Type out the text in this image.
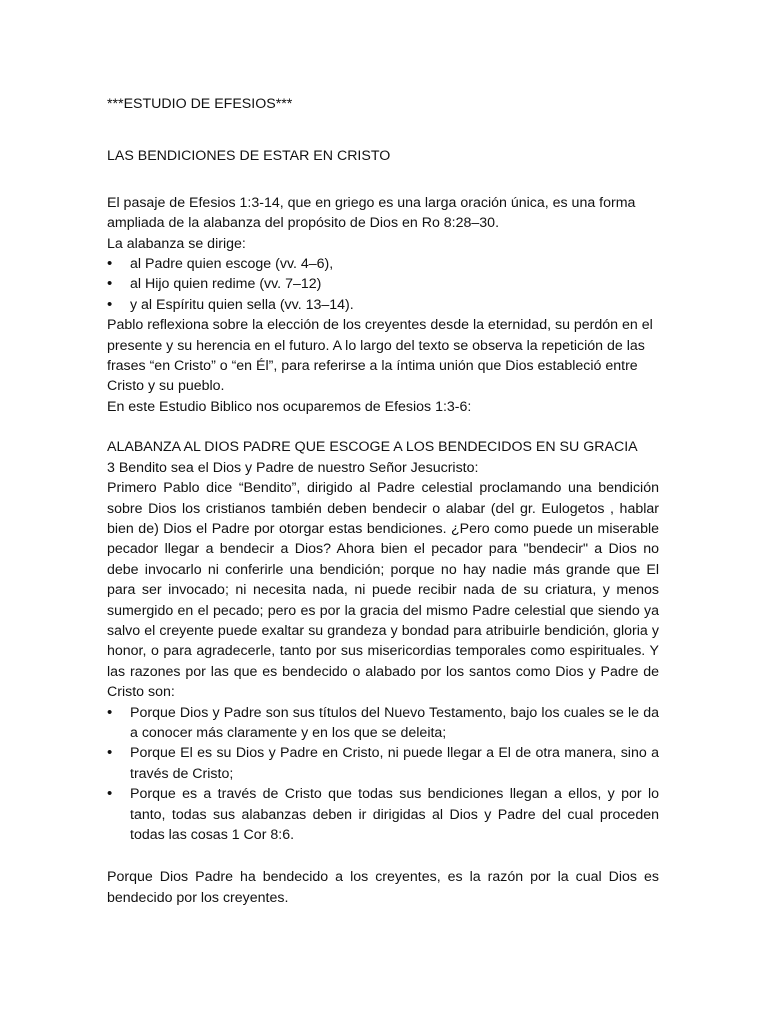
***ESTUDIO DE EFESIOS***

LAS BENDICIONES DE ESTAR EN CRISTO

El pasaje de Efesios 1:3-14, que en griego es una larga oración única, es una forma ampliada de la alabanza del propósito de Dios en Ro 8:28–30.

La alabanza se dirige:

• al Padre quien escoge (vv. 4–6),
• al Hijo quien redime (vv. 7–12)
• y al Espíritu quien sella (vv. 13–14).

Pablo reflexiona sobre la elección de los creyentes desde la eternidad, su perdón en el presente y su herencia en el futuro. A lo largo del texto se observa la repetición de las frases “en Cristo” o “en Él”, para referirse a la íntima unión que Dios estableció entre Cristo y su pueblo.

En este Estudio Biblico nos ocuparemos de Efesios 1:3-6:

ALABANZA AL DIOS PADRE QUE ESCOGE A LOS BENDECIDOS EN SU GRACIA

3 Bendito sea el Dios y Padre de nuestro Señor Jesucristo:

Primero Pablo dice “Bendito”, dirigido al Padre celestial proclamando una bendición sobre Dios los cristianos también deben bendecir o alabar (del gr. Eulogetos , hablar bien de) Dios el Padre por otorgar estas bendiciones. ¿Pero como puede un miserable pecador llegar a bendecir a Dios? Ahora bien el pecador para "bendecir" a Dios no debe invocarlo ni conferirle una bendición; porque no hay nadie más grande que El para ser invocado; ni necesita nada, ni puede recibir nada de su criatura, y menos sumergido en el pecado; pero es por la gracia del mismo Padre celestial que siendo ya salvo el creyente puede exaltar su grandeza y bondad para atribuirle bendición, gloria y honor, o para agradecerle, tanto por sus misericordias temporales como espirituales. Y las razones por las que es bendecido o alabado por los santos como Dios y Padre de Cristo son:

• Porque Dios y Padre son sus títulos del Nuevo Testamento, bajo los cuales se le da a conocer más claramente y en los que se deleita;
• Porque El es su Dios y Padre en Cristo, ni puede llegar a El de otra manera, sino a través de Cristo;
• Porque es a través de Cristo que todas sus bendiciones llegan a ellos, y por lo tanto, todas sus alabanzas deben ir dirigidas al Dios y Padre del cual proceden todas las cosas 1 Cor 8:6.

Porque Dios Padre ha bendecido a los creyentes, es la razón por la cual Dios es bendecido por los creyentes.
